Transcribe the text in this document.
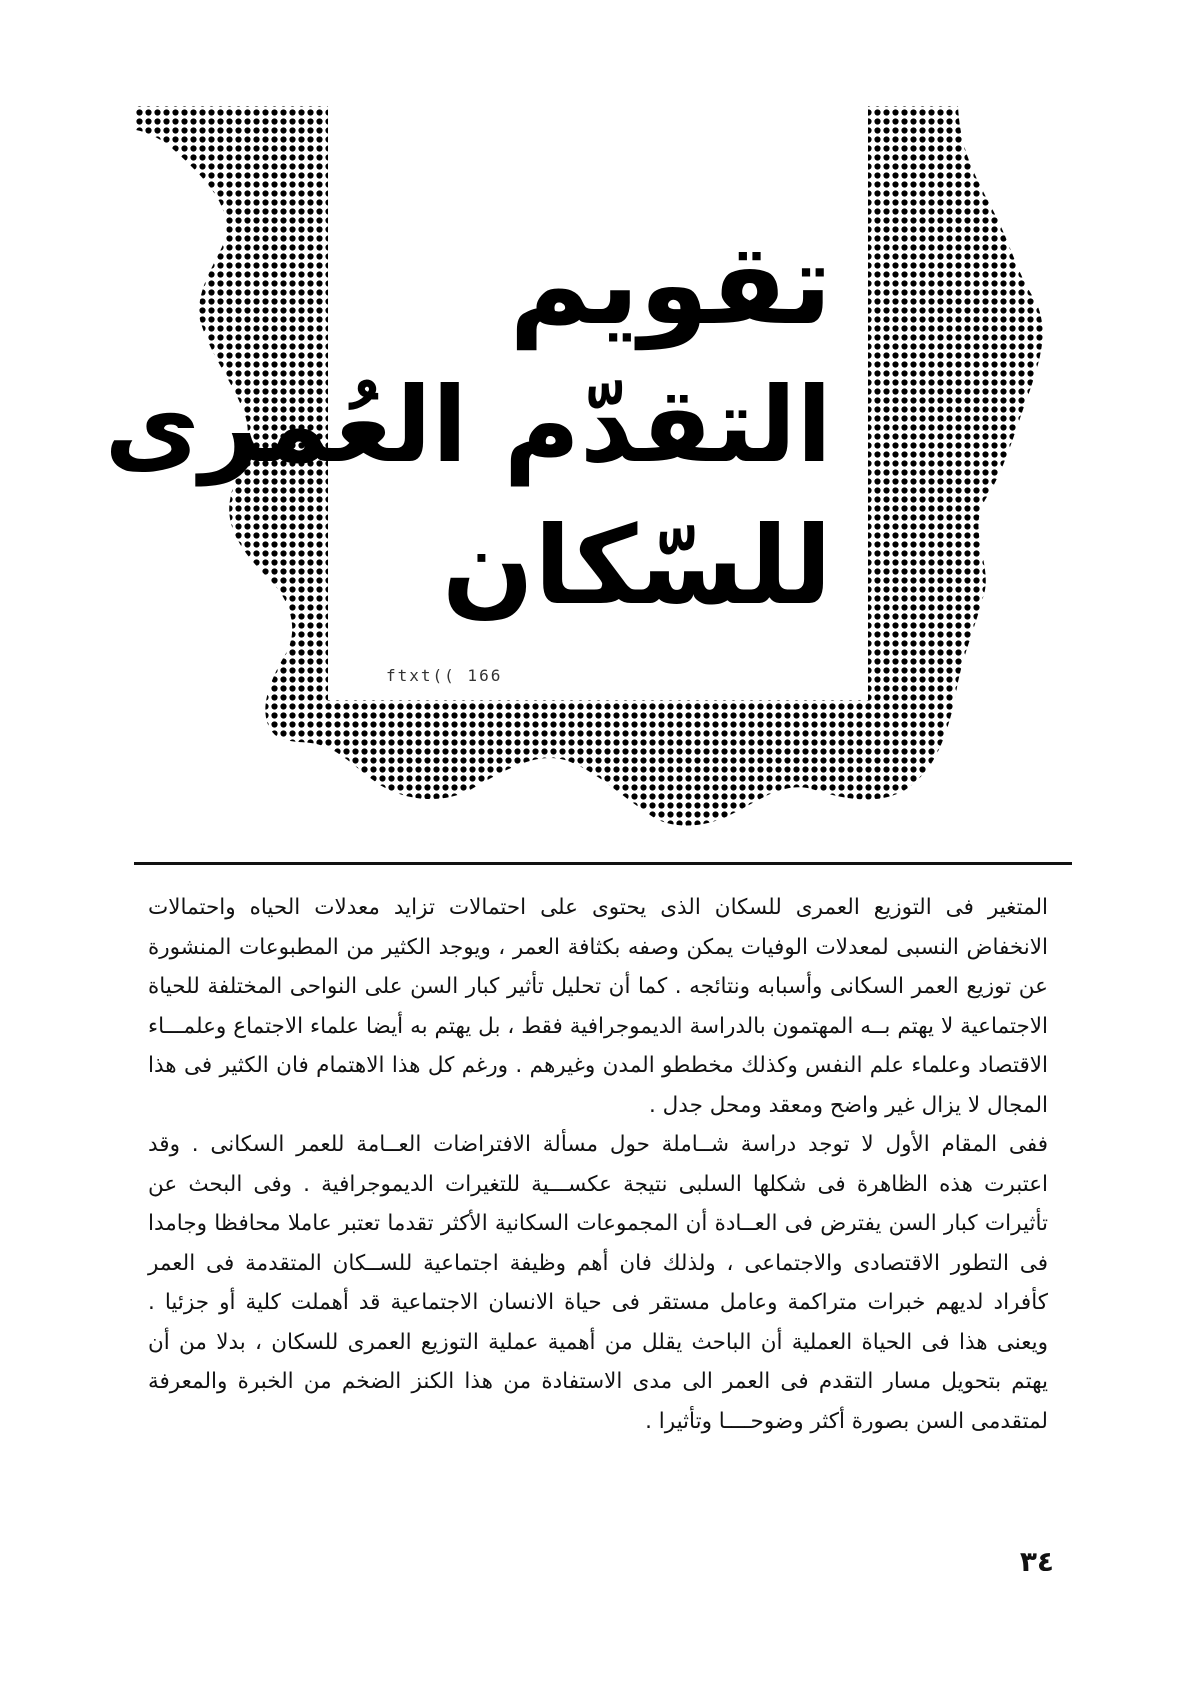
تقويم
التقدّم العُمرى
للسّكان
ftxt(( 166

المتغير فى التوزيع العمرى للسكان الذى يحتوى على احتمالات تزايد معدلات الحياه واحتمالات الانخفاض النسبى لمعدلات الوفيات يمكن وصفه بكثافة العمر ، ويوجد الكثير من المطبوعات المنشورة عن توزيع العمر السكانى وأسبابه ونتائجه . كما أن تحليل تأثير كبار السن على النواحى المختلفة للحياة الاجتماعية لا يهتم بــه المهتمون بالدراسة الديموجرافية فقط ، بل يهتم به أيضا علماء الاجتماع وعلمـــاء الاقتصاد وعلماء علم النفس وكذلك مخططو المدن وغيرهم . ورغم كل هذا الاهتمام فان الكثير فى هذا المجال لا يزال غير واضح ومعقد ومحل جدل .

ففى المقام الأول لا توجد دراسة شــاملة حول مسألة الافتراضات العــامة للعمر السكانى . وقد اعتبرت هذه الظاهرة فى شكلها السلبى نتيجة عكســـية للتغيرات الديموجرافية . وفى البحث عن تأثيرات كبار السن يفترض فى العــادة أن المجموعات السكانية الأكثر تقدما تعتبر عاملا محافظا وجامدا فى التطور الاقتصادى والاجتماعى ، ولذلك فان أهم وظيفة اجتماعية للســكان المتقدمة فى العمر كأفراد لديهم خبرات متراكمة وعامل مستقر فى حياة الانسان الاجتماعية قد أهملت كلية أو جزئيا . ويعنى هذا فى الحياة العملية أن الباحث يقلل من أهمية عملية التوزيع العمرى للسكان ، بدلا من أن يهتم بتحويل مسار التقدم فى العمر الى مدى الاستفادة من هذا الكنز الضخم من الخبرة والمعرفة لمتقدمى السن بصورة أكثر وضوحــــا وتأثيرا .

٣٤
